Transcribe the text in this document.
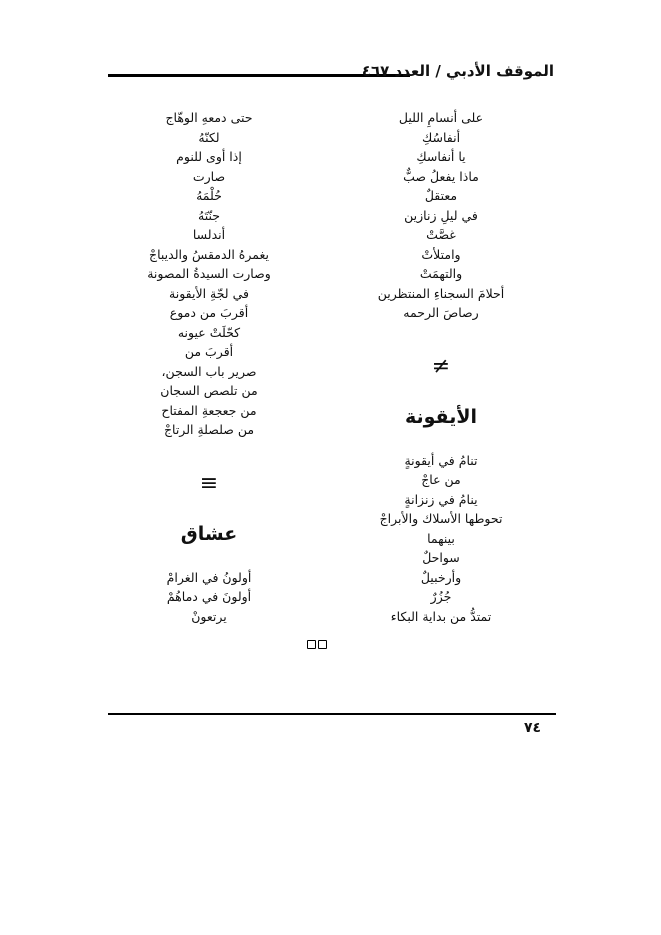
الموقف الأدبي / العدد ٤٦٧
على أنسامِ الليل
أنفاسُكِ
يا أنفاسكِ
ماذا يفعلُ صبٌّ
معتقلٌ
في ليلِ زنازين
غصَّتْ
وامتلأتْ
والتهمَتْ
أحلامَ السجناءِ المنتظرين
رصاصَ الرحمه
≠
الأيقونة
تنامُ في أيقونةٍ
من عاجْ
ينامُ في زنزانةٍ
تحوطها الأسلاك والأبراجْ
بينهما
سواحلٌ
وأرخبيلٌ
جُزُرٌ
تمتدُّ من بداية البكاء
حتى دمعهِ الوهّاج
لكنّهُ
إذا أوى للنوم
صارت
حُلْمَهُ
جنّتَهُ
أندلسا
يغمرهُ الدمقسُ والديباجْ
وصارت السيدةُ المصونة
في لجّةِ الأيقونة
أقربَ من دموع
كحّلَتْ عيونه
أقربَ من
صرير باب السجن،
من تلصص السجان
من جعجعةِ المفتاح
من صلصلةِ الرتاجْ
≡
عشاق
أولونُ في الغرامْ
أولونَ في دماهُمْ
يرتعونْ
٧٤
